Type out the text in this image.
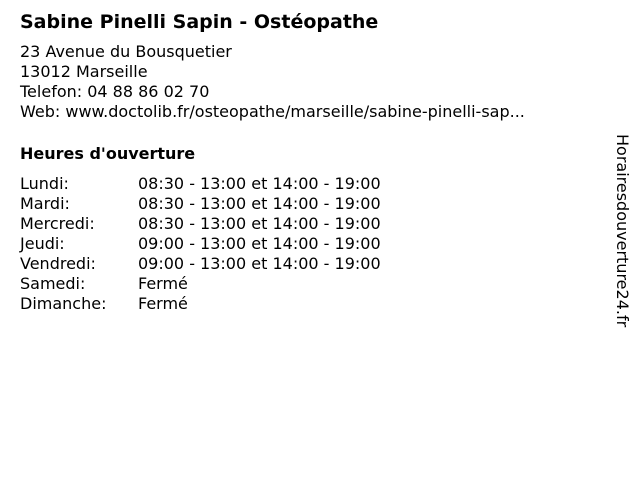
Sabine Pinelli Sapin - Ostéopathe
23 Avenue du Bousquetier
13012 Marseille
Telefon: 04 88 86 02 70
Web: www.doctolib.fr/osteopathe/marseille/sabine-pinelli-sap...
Heures d'ouverture
Lundi:	08:30 - 13:00 et 14:00 - 19:00
Mardi:	08:30 - 13:00 et 14:00 - 19:00
Mercredi:	08:30 - 13:00 et 14:00 - 19:00
Jeudi:	09:00 - 13:00 et 14:00 - 19:00
Vendredi:	09:00 - 13:00 et 14:00 - 19:00
Samedi:	Fermé
Dimanche: Fermé	Horairesdouverture24.fr
